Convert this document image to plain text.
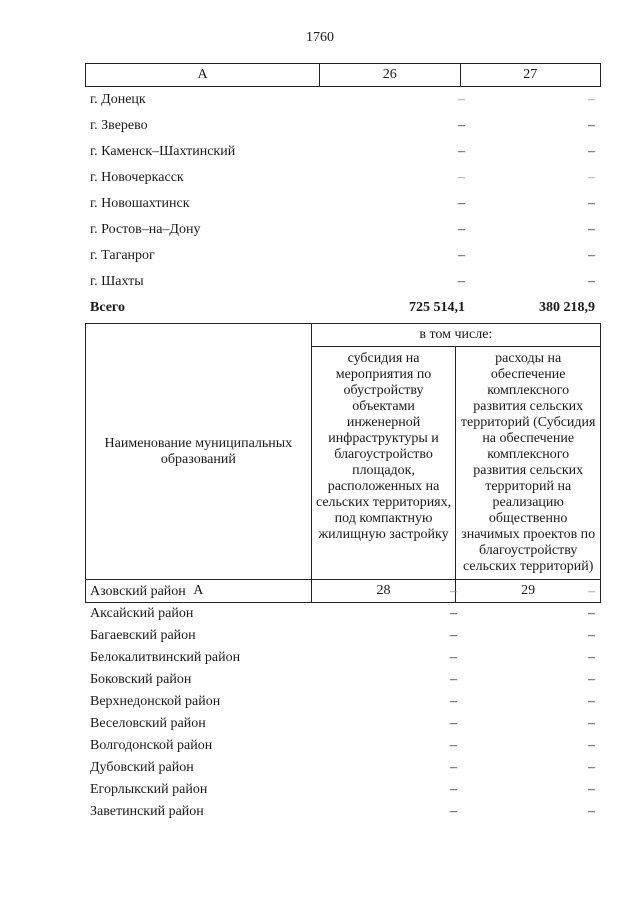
1760
А	26	27
г. Донецк	–	–
г. Зверево	–	–
г. Каменск–Шахтинский	–	–
г. Новочеркасск	–	–
г. Новошахтинск	–	–
г. Ростов–на–Дону	–	–
г. Таганрог	–	–
г. Шахты	–	–
Всего	725 514,1	380 218,9
Наименование муниципальных образований	в том числе:	
	субсидия на мероприятия по обустройству объектами инженерной инфраструктуры и благоустройство площадок, расположенных на сельских территориях, под компактную жилищную застройку	расходы на обеспечение комплексного развития сельских территорий (Субсидия на обеспечение комплексного развития сельских территорий на реализацию общественно значимых проектов по благоустройству сельских территорий)
А	28	29
Азовский район	–	–
Аксайский район	–	–
Багаевский район	–	–
Белокалитвинский район	–	–
Боковский район	–	–
Верхнедонской район	–	–
Веселовский район	–	–
Волгодонской район	–	–
Дубовский район	–	–
Егорлыкский район	–	–
Заветинский район	–	–
